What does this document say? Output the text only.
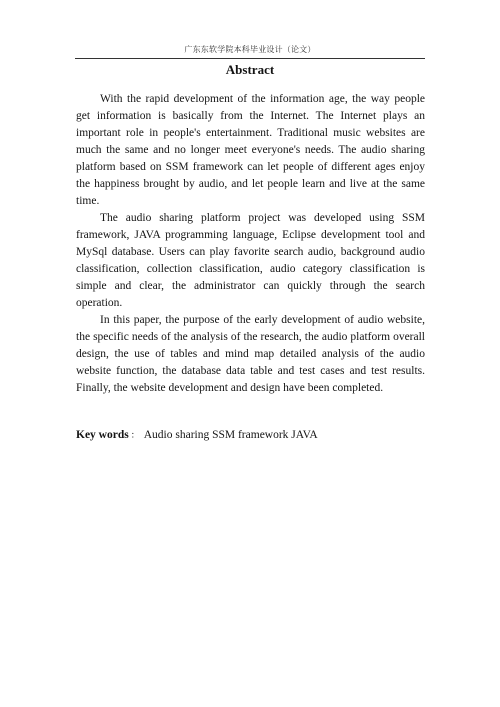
广东东软学院本科毕业设计（论文）
Abstract

With the rapid development of the information age, the way people get information is basically from the Internet. The Internet plays an important role in people's entertainment. Traditional music websites are much the same and no longer meet everyone's needs. The audio sharing platform based on SSM framework can let people of different ages enjoy the happiness brought by audio, and let people learn and live at the same time.

The audio sharing platform project was developed using SSM framework, JAVA programming language, Eclipse development tool and MySql database. Users can play favorite search audio, background audio classification, collection classification, audio category classification is simple and clear, the administrator can quickly through the search operation.

In this paper, the purpose of the early development of audio website, the specific needs of the analysis of the research, the audio platform overall design, the use of tables and mind map detailed analysis of the audio website function, the database data table and test cases and test results. Finally, the website development and design have been completed.

Key words ： Audio sharing SSM framework JAVA
